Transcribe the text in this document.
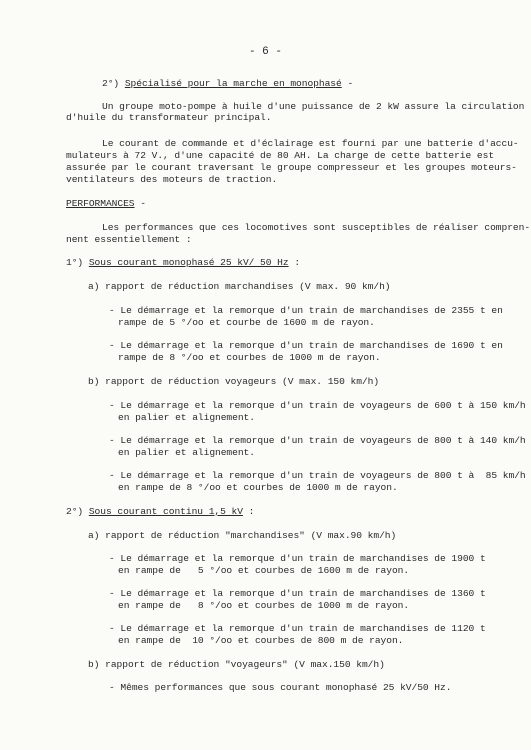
- 6 -
2°) Spécialisé pour la marche en monophasé -
Un groupe moto-pompe à huile d'une puissance de 2 kW assure la circulation
d'huile du transformateur principal.
Le courant de commande et d'éclairage est fourni par une batterie d'accu-
mulateurs à 72 V., d'une capacité de 80 AH. La charge de cette batterie est
assurée par le courant traversant le groupe compresseur et les groupes moteurs-
ventilateurs des moteurs de traction.
PERFORMANCES -
Les performances que ces locomotives sont susceptibles de réaliser compren-
nent essentiellement :
1°) Sous courant monophasé 25 kV/ 50 Hz :
a) rapport de réduction marchandises (V max. 90 km/h)
- Le démarrage et la remorque d'un train de marchandises de 2355 t en
rampe de 5 °/oo et courbe de 1600 m de rayon.
- Le démarrage et la remorque d'un train de marchandises de 1690 t en
rampe de 8 °/oo et courbes de 1000 m de rayon.
b) rapport de réduction voyageurs (V max. 150 km/h)
- Le démarrage et la remorque d'un train de voyageurs de 600 t à 150 km/h
en palier et alignement.
- Le démarrage et la remorque d'un train de voyageurs de 800 t à 140 km/h
en palier et alignement.
- Le démarrage et la remorque d'un train de voyageurs de 800 t à  85 km/h
en rampe de 8 °/oo et courbes de 1000 m de rayon.
2°) Sous courant continu 1,5 kV :
a) rapport de réduction "marchandises" (V max.90 km/h)
- Le démarrage et la remorque d'un train de marchandises de 1900 t
en rampe de   5 °/oo et courbes de 1600 m de rayon.
- Le démarrage et la remorque d'un train de marchandises de 1360 t
en rampe de   8 °/oo et courbes de 1000 m de rayon.
- Le démarrage et la remorque d'un train de marchandises de 1120 t
en rampe de  10 °/oo et courbes de 800 m de rayon.
b) rapport de réduction "voyageurs" (V max.150 km/h)
- Mêmes performances que sous courant monophasé 25 kV/50 Hz.
